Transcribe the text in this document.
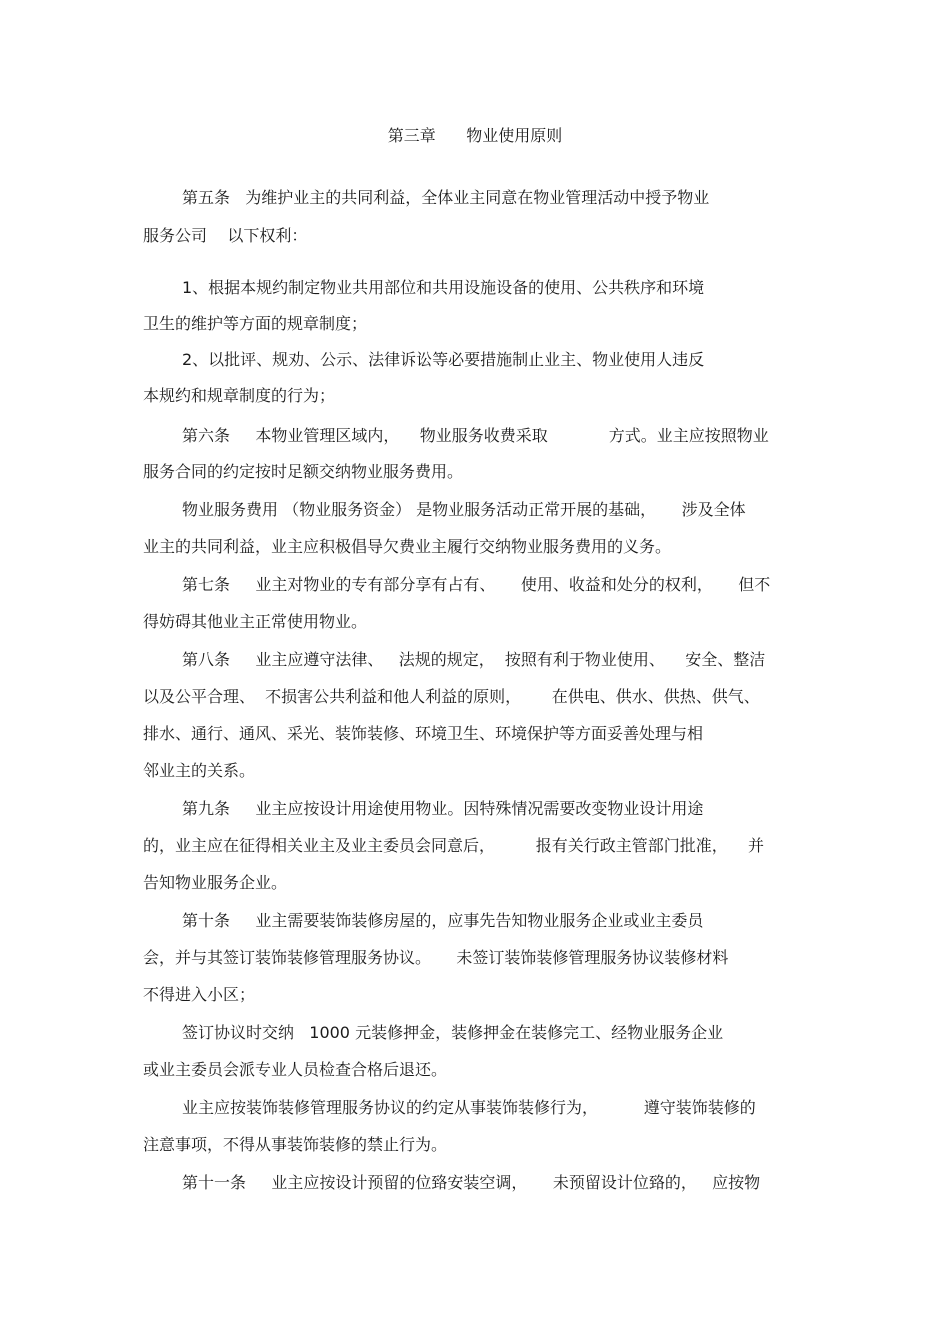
第三章      物业使用原则
第五条   为维护业主的共同利益，全体业主同意在物业管理活动中授予物业
服务公司    以下权利：
1、根据本规约制定物业共用部位和共用设施设备的使用、公共秩序和环境
卫生的维护等方面的规章制度；
2、以批评、规劝、公示、法律诉讼等必要措施制止业主、物业使用人违反
本规约和规章制度的行为；
第六条     本物业管理区域内，    物业服务收费采取            方式。业主应按照物业
服务合同的约定按时足额交纳物业服务费用。
物业服务费用 （物业服务资金） 是物业服务活动正常开展的基础，     涉及全体
业主的共同利益，业主应积极倡导欠费业主履行交纳物业服务费用的义务。
第七条     业主对物业的专有部分享有占有、     使用、收益和处分的权利，     但不
得妨碍其他业主正常使用物业。
第八条     业主应遵守法律、   法规的规定，  按照有利于物业使用、    安全、整洁
以及公平合理、  不损害公共利益和他人利益的原则，      在供电、供水、供热、供气、
排水、通行、通风、采光、装饰装修、环境卫生、环境保护等方面妥善处理与相
邻业主的关系。
第九条     业主应按设计用途使用物业。因特殊情况需要改变物业设计用途
的，业主应在征得相关业主及业主委员会同意后，        报有关行政主管部门批准，    并
告知物业服务企业。
第十条     业主需要装饰装修房屋的，应事先告知物业服务企业或业主委员
会，并与其签订装饰装修管理服务协议。     未签订装饰装修管理服务协议装修材料
不得进入小区；
签订协议时交纳   1000 元装修押金，装修押金在装修完工、经物业服务企业
或业主委员会派专业人员检查合格后退还。
业主应按装饰装修管理服务协议的约定从事装饰装修行为，         遵守装饰装修的
注意事项，不得从事装饰装修的禁止行为。
第十一条     业主应按设计预留的位臵安装空调，     未预留设计位臵的，   应按物
